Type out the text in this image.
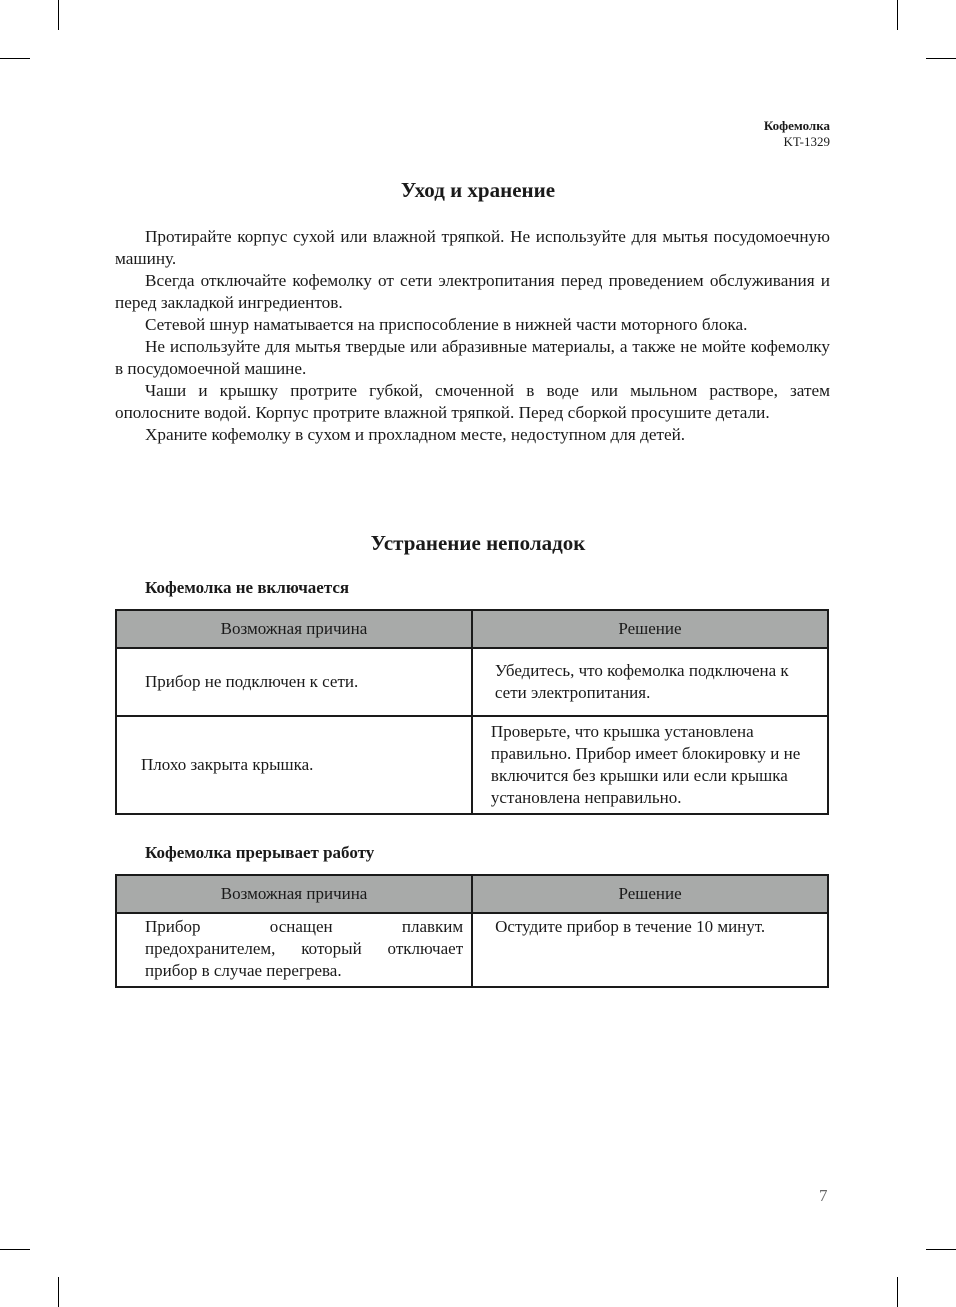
Кофемолка
KT-1329
Уход и хранение

Протирайте корпус сухой или влажной тряпкой. Не используйте для мытья посудомоечную машину.

Всегда отключайте кофемолку от сети электропитания перед проведением обслуживания и перед закладкой ингредиентов.

Сетевой шнур наматывается на приспособление в нижней части моторного блока.

Не используйте для мытья твердые или абразивные материалы, а также не мойте кофемолку в посудомоечной машине.

Чаши и крышку протрите губкой, смоченной в воде или мыльном растворе, затем ополосните водой. Корпус протрите влажной тряпкой. Перед сборкой просушите детали.

Храните кофемолку в сухом и прохладном месте, недоступном для детей.

Устранение неполадок
Кофемолка не включается
Возможная причина	Решение
Прибор не подключен к сети.	Убедитесь, что кофемолка подключена к сети электропитания.
Плохо закрыта крышка.	Проверьте, что крышка установлена правильно. Прибор имеет блокировку и не включится без крышки или если крышка установлена неправильно.
Кофемолка прерывает работу
Возможная причина	Решение
Прибор оснащен плавким предохранителем, который отключает прибор в случае перегрева.	Остудите прибор в течение 10 минут.
7
